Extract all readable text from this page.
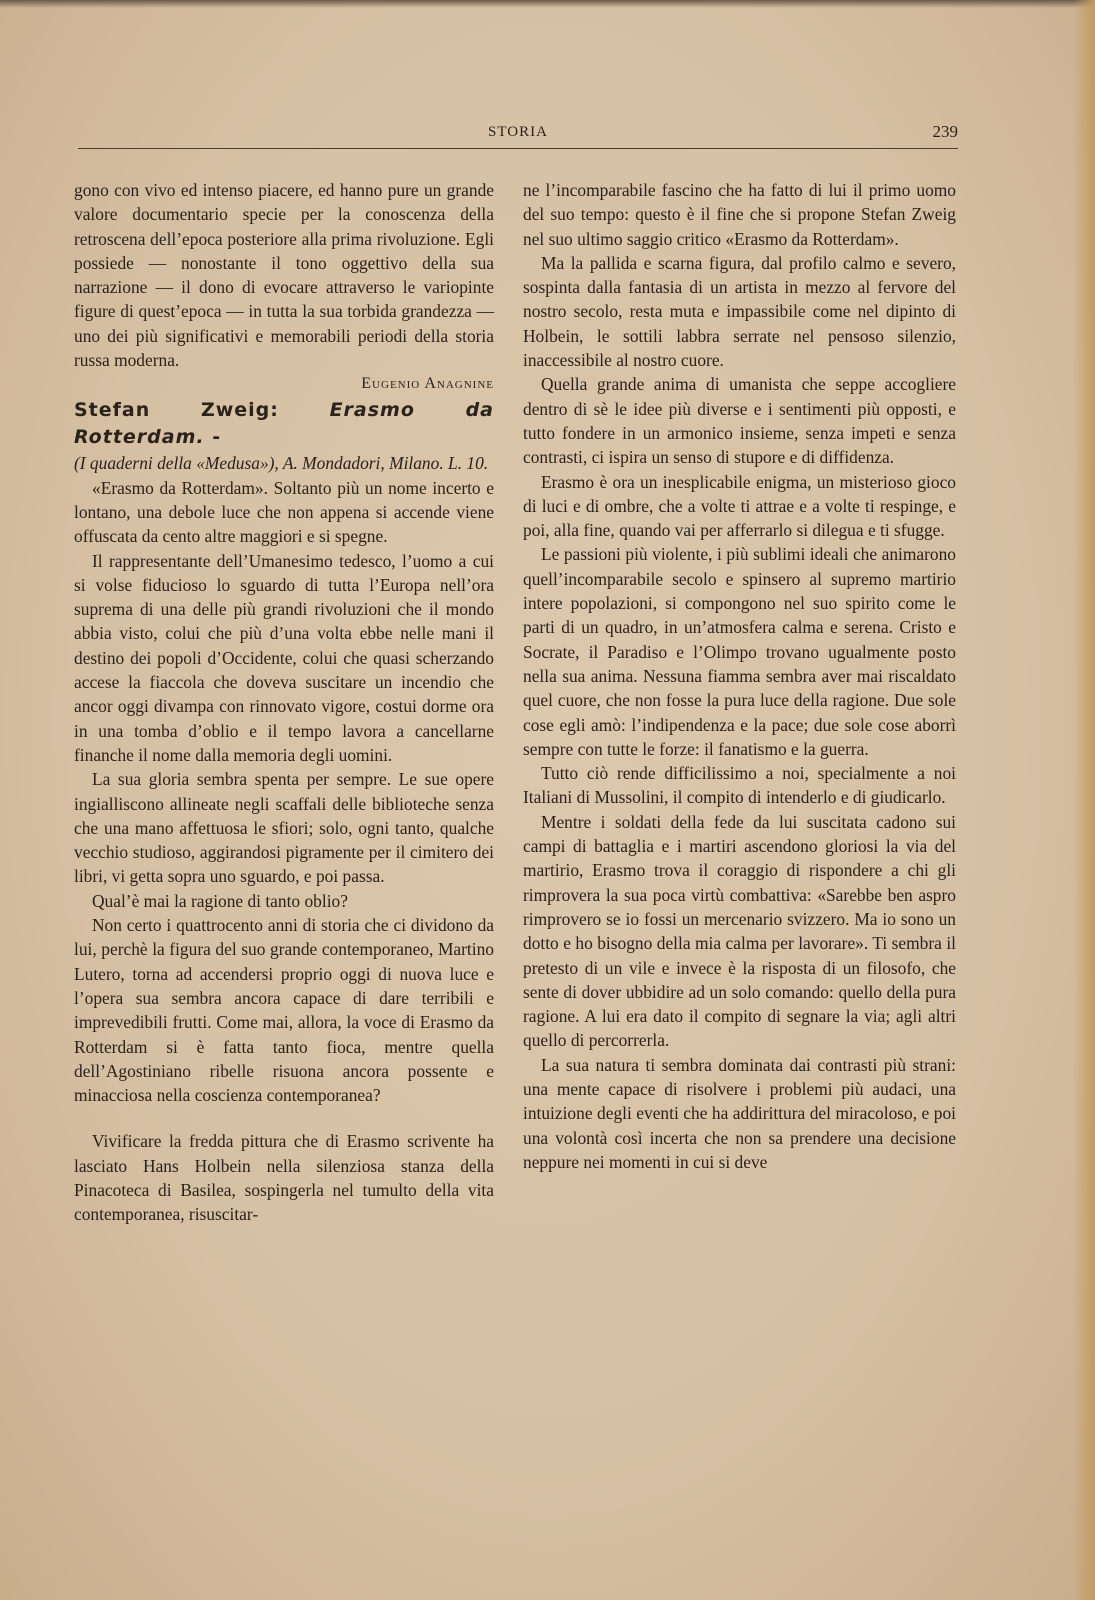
STORIA	239

gono con vivo ed intenso piacere, ed hanno pure un grande valore documentario specie per la conoscenza della retroscena dell’epoca posteriore alla prima rivoluzione. Egli possiede — nonostante il tono oggettivo della sua narrazione — il dono di evocare attraverso le variopinte figure di quest’epoca — in tutta la sua torbida grandezza — uno dei più significativi e memorabili periodi della storia russa moderna.

Eugenio Anagnine

Stefan Zweig:	Erasmo da Rotterdam. -

(I quaderni della «Medusa»), A. Mondadori, Milano. L. 10.

«Erasmo da Rotterdam». Soltanto più un nome incerto e lontano, una debole luce che non appena si accende viene offuscata da cento altre maggiori e si spegne.

Il rappresentante dell’Umanesimo tedesco, l’uomo a cui si volse fiducioso lo sguardo di tutta l’Europa nell’ora suprema di una delle più grandi rivoluzioni che il mondo abbia visto, colui che più d’una volta ebbe nelle mani il destino dei popoli d’Occidente, colui che quasi scherzando accese la fiaccola che doveva suscitare un incendio che ancor oggi divampa con rinnovato vigore, costui dorme ora in una tomba d’oblio e il tempo lavora a cancellarne finanche il nome dalla memoria degli uomini.

La sua gloria sembra spenta per sempre. Le sue opere ingialliscono allineate negli scaffali delle biblioteche senza che una mano affettuosa le sfiori; solo, ogni tanto, qualche vecchio studioso, aggirandosi pigramente per il cimitero dei libri, vi getta sopra uno sguardo, e poi passa.

Qual’è mai la ragione di tanto oblio?

Non certo i quattrocento anni di storia che ci dividono da lui, perchè la figura del suo grande contemporaneo, Martino Lutero, torna ad accendersi proprio oggi di nuova luce e l’opera sua sembra ancora capace di dare terribili e imprevedibili frutti. Come mai, allora, la voce di Erasmo da Rotterdam si è fatta tanto fioca, mentre quella dell’Agostiniano ribelle risuona ancora possente e minacciosa nella coscienza contemporanea?

Vivificare la fredda pittura che di Erasmo scrivente ha lasciato Hans Holbein nella silenziosa stanza della Pinacoteca di Basilea, sospingerla nel tumulto della vita contemporanea, risuscitar-

ne l’incomparabile fascino che ha fatto di lui il primo uomo del suo tempo: questo è il fine che si propone Stefan Zweig nel suo ultimo saggio critico «Erasmo da Rotterdam».

Ma la pallida e scarna figura, dal profilo calmo e severo, sospinta dalla fantasia di un artista in mezzo al fervore del nostro secolo, resta muta e impassibile come nel dipinto di Holbein, le sottili labbra serrate nel pensoso silenzio, inaccessibile al nostro cuore.

Quella grande anima di umanista che seppe accogliere dentro di sè le idee più diverse e i sentimenti più opposti, e tutto fondere in un armonico insieme, senza impeti e senza contrasti, ci ispira un senso di stupore e di diffidenza.

Erasmo è ora un inesplicabile enigma, un misterioso gioco di luci e di ombre, che a volte ti attrae e a volte ti respinge, e poi, alla fine, quando vai per afferrarlo si dilegua e ti sfugge.

Le passioni più violente, i più sublimi ideali che animarono quell’incomparabile secolo e spinsero al supremo martirio intere popolazioni, si compongono nel suo spirito come le parti di un quadro, in un’atmosfera calma e serena. Cristo e Socrate, il Paradiso e l’Olimpo trovano ugualmente posto nella sua anima. Nessuna fiamma sembra aver mai riscaldato quel cuore, che non fosse la pura luce della ragione. Due sole cose egli amò: l’indipendenza e la pace; due sole cose aborrì sempre con tutte le forze: il fanatismo e la guerra.

Tutto ciò rende difficilissimo a noi, specialmente a noi Italiani di Mussolini, il compito di intenderlo e di giudicarlo.

Mentre i soldati della fede da lui suscitata cadono sui campi di battaglia e i martiri ascendono gloriosi la via del martirio, Erasmo trova il coraggio di rispondere a chi gli rimprovera la sua poca virtù combattiva: «Sarebbe ben aspro rimprovero se io fossi un mercenario svizzero. Ma io sono un dotto e ho bisogno della mia calma per lavorare». Ti sembra il pretesto di un vile e invece è la risposta di un filosofo, che sente di dover ubbidire ad un solo comando: quello della pura ragione. A lui era dato il compito di segnare la via; agli altri quello di percorrerla.

La sua natura ti sembra dominata dai contrasti più strani: una mente capace di risolvere i problemi più audaci, una intuizione degli eventi che ha addirittura del miracoloso, e poi una volontà così incerta che non sa prendere una decisione neppure nei momenti in cui si deve
